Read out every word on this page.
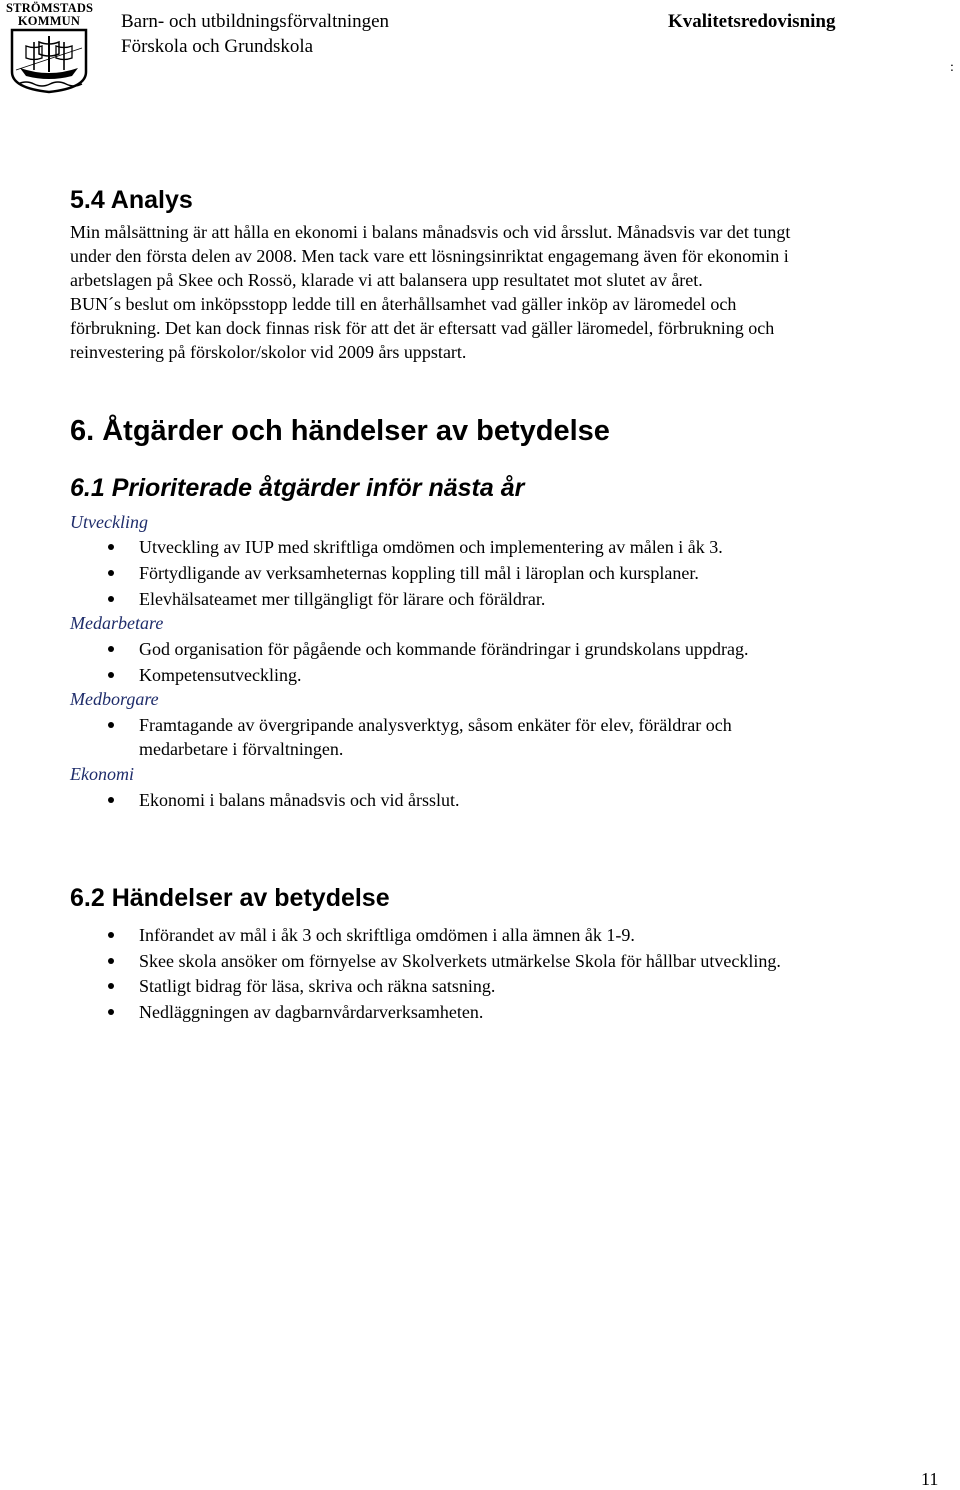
STRÖMSTADS
KOMMUN	Barn- och utbildningsförvaltningen
Förskola och Grundskola
Kvalitetsredovisning
:
5.4 Analys
Min målsättning är att hålla en ekonomi i balans månadsvis och vid årsslut. Månadsvis var det tungt
under den första delen av 2008. Men tack vare ett lösningsinriktat engagemang även för ekonomin i
arbetslagen på Skee och Rossö, klarade vi att balansera upp resultatet mot slutet av året.
BUN´s beslut om inköpsstopp ledde till en återhållsamhet vad gäller inköp av läromedel och
förbrukning. Det kan dock finnas risk för att det är eftersatt vad gäller läromedel, förbrukning och
reinvestering på förskolor/skolor vid 2009 års uppstart.
6. Åtgärder och händelser av betydelse
6.1 Prioriterade åtgärder inför nästa år
Utveckling
Utveckling av IUP med skriftliga omdömen och implementering av målen i åk 3.
Förtydligande av verksamheternas koppling till mål i läroplan och kursplaner.
Elevhälsateamet mer tillgängligt för lärare och föräldrar.
Medarbetare
God organisation för pågående och kommande förändringar i grundskolans uppdrag.
Kompetensutveckling.
Medborgare
Framtagande av övergripande analysverktyg, såsom enkäter för elev, föräldrar och
medarbetare i förvaltningen.
Ekonomi
Ekonomi i balans månadsvis och vid årsslut.
6.2 Händelser av betydelse
Införandet av mål i åk 3 och skriftliga omdömen i alla ämnen åk 1-9.
Skee skola ansöker om förnyelse av Skolverkets utmärkelse Skola för hållbar utveckling.
Statligt bidrag för läsa, skriva och räkna satsning.
Nedläggningen av dagbarnvårdarverksamheten.
11
